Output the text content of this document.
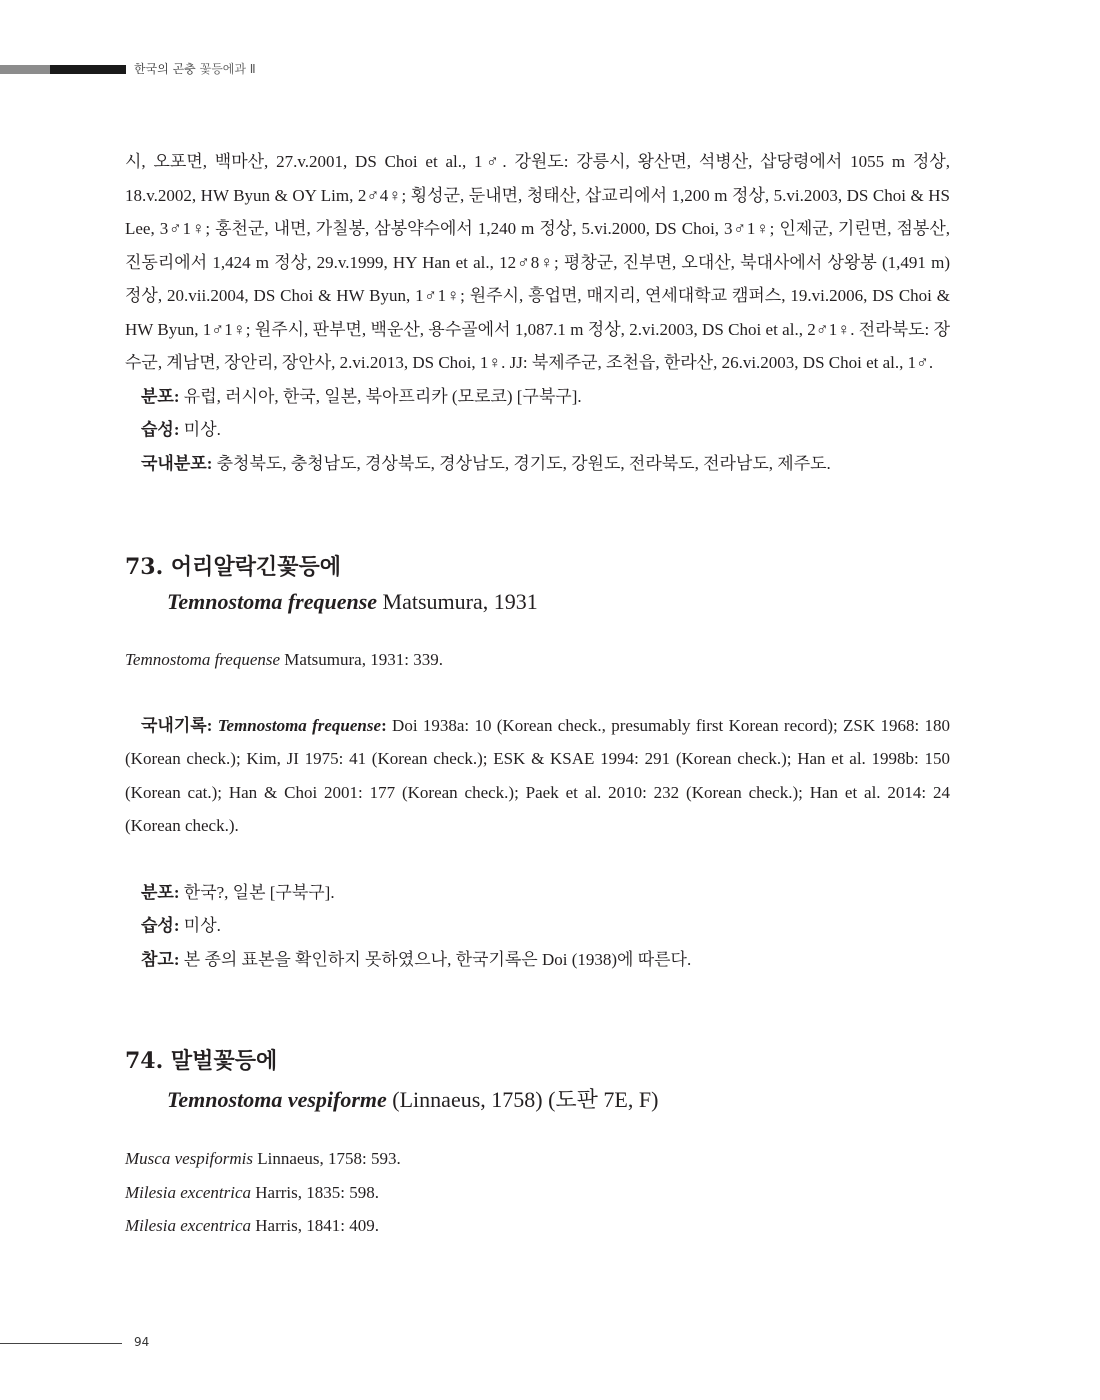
한국의 곤충 꽃등에과 Ⅱ

시, 오포면, 백마산, 27.v.2001, DS Choi et al., 1♂. 강원도: 강릉시, 왕산면, 석병산, 삽당령에서 1055 m 정상, 18.v.2002, HW Byun & OY Lim, 2♂4♀; 횡성군, 둔내면, 청태산, 삽교리에서 1,200 m 정상, 5.vi.2003, DS Choi & HS Lee, 3♂1♀; 홍천군, 내면, 가칠봉, 삼봉약수에서 1,240 m 정상, 5.vi.2000, DS Choi, 3♂1♀; 인제군, 기린면, 점봉산, 진동리에서 1,424 m 정상, 29.v.1999, HY Han et al., 12♂8♀; 평창군, 진부면, 오대산, 북대사에서 상왕봉 (1,491 m) 정상, 20.vii.2004, DS Choi & HW Byun, 1♂1♀; 원주시, 흥업면, 매지리, 연세대학교 캠퍼스, 19.vi.2006, DS Choi & HW Byun, 1♂1♀; 원주시, 판부면, 백운산, 용수골에서 1,087.1 m 정상, 2.vi.2003, DS Choi et al., 2♂1♀. 전라북도: 장수군, 계남면, 장안리, 장안사, 2.vi.2013, DS Choi, 1♀. JJ: 북제주군, 조천읍, 한라산, 26.vi.2003, DS Choi et al., 1♂.

분포: 유럽, 러시아, 한국, 일본, 북아프리카 (모로코) [구북구].

습성: 미상.

국내분포: 충청북도, 충청남도, 경상북도, 경상남도, 경기도, 강원도, 전라북도, 전라남도, 제주도.

73. 어리알락긴꽃등에

Temnostoma frequense Matsumura, 1931

Temnostoma frequense Matsumura, 1931: 339.

국내기록: Temnostoma frequense: Doi 1938a: 10 (Korean check., presumably first Korean record); ZSK 1968: 180 (Korean check.); Kim, JI 1975: 41 (Korean check.); ESK & KSAE 1994: 291 (Korean check.); Han et al. 1998b: 150 (Korean cat.); Han & Choi 2001: 177 (Korean check.); Paek et al. 2010: 232 (Korean check.); Han et al. 2014: 24 (Korean check.).

분포: 한국?, 일본 [구북구].

습성: 미상.

참고: 본 종의 표본을 확인하지 못하였으나, 한국기록은 Doi (1938)에 따른다.

74. 말벌꽃등에

Temnostoma vespiforme (Linnaeus, 1758) (도판 7E, F)

Musca vespiformis Linnaeus, 1758: 593.

Milesia excentrica Harris, 1835: 598.

Milesia excentrica Harris, 1841: 409.

94
